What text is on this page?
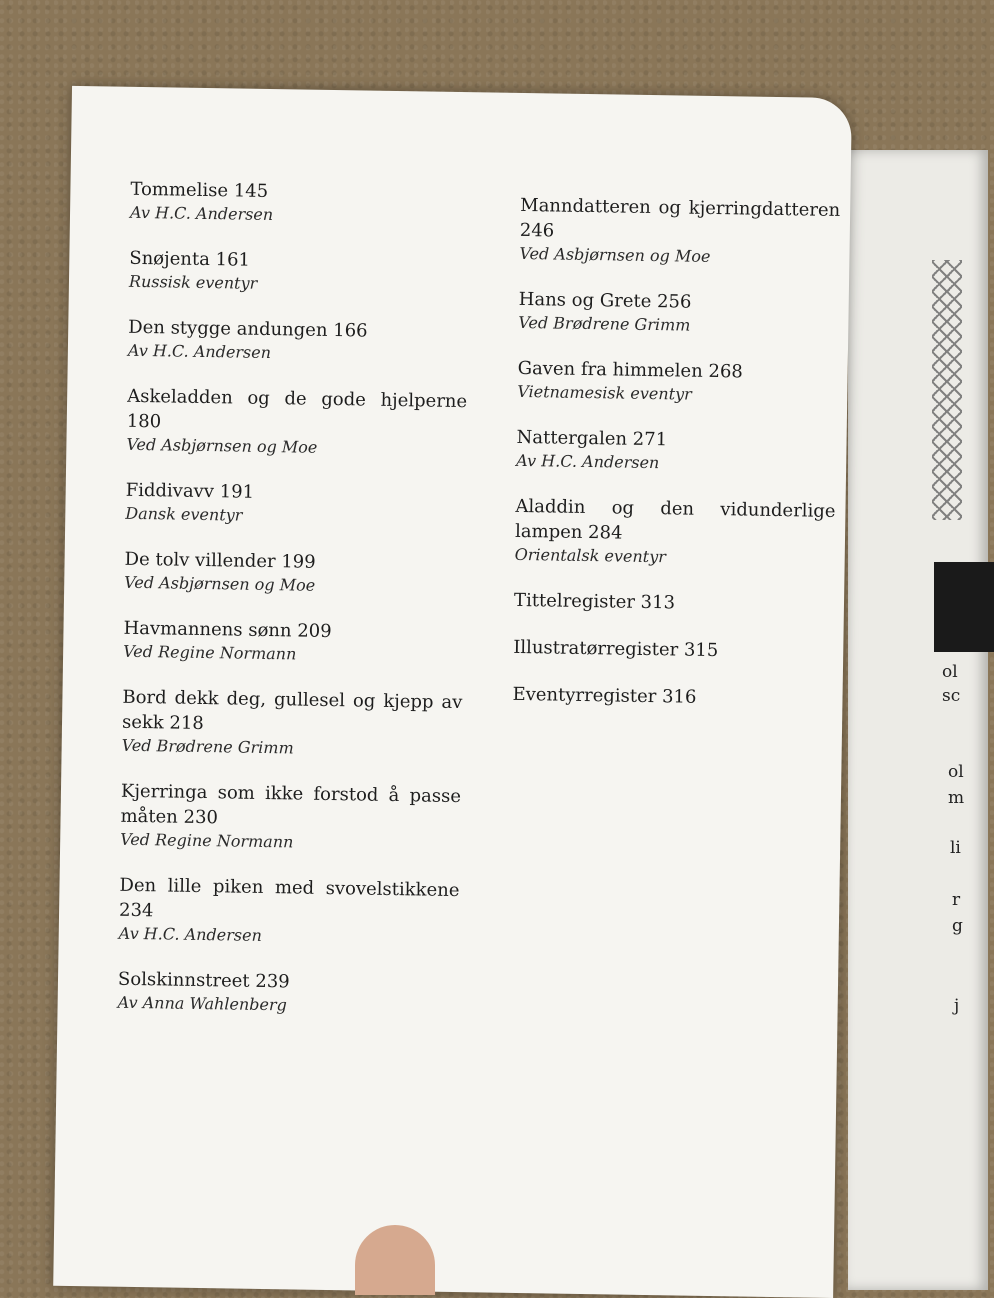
ol
sc
ol
m
li
r
g
j
Tommelise 145
Av H.C. Andersen
Snøjenta 161
Russisk eventyr
Den stygge andungen 166
Av H.C. Andersen
Askeladden og de gode hjelperne 180
Ved Asbjørnsen og Moe
Fiddivavv 191
Dansk eventyr
De tolv villender 199
Ved Asbjørnsen og Moe
Havmannens sønn 209
Ved Regine Normann
Bord dekk deg, gullesel og kjepp av sekk 218
Ved Brødrene Grimm
Kjerringa som ikke forstod å passe måten 230
Ved Regine Normann
Den lille piken med svovelstikkene 234
Av H.C. Andersen
Solskinnstreet 239
Av Anna Wahlenberg
Manndatteren og kjerringdatteren 246
Ved Asbjørnsen og Moe
Hans og Grete 256
Ved Brødrene Grimm
Gaven fra himmelen 268
Vietnamesisk eventyr
Nattergalen 271
Av H.C. Andersen
Aladdin og den vidunderlige lampen 284
Orientalsk eventyr
Tittelregister 313
Illustratørregister 315
Eventyrregister 316
